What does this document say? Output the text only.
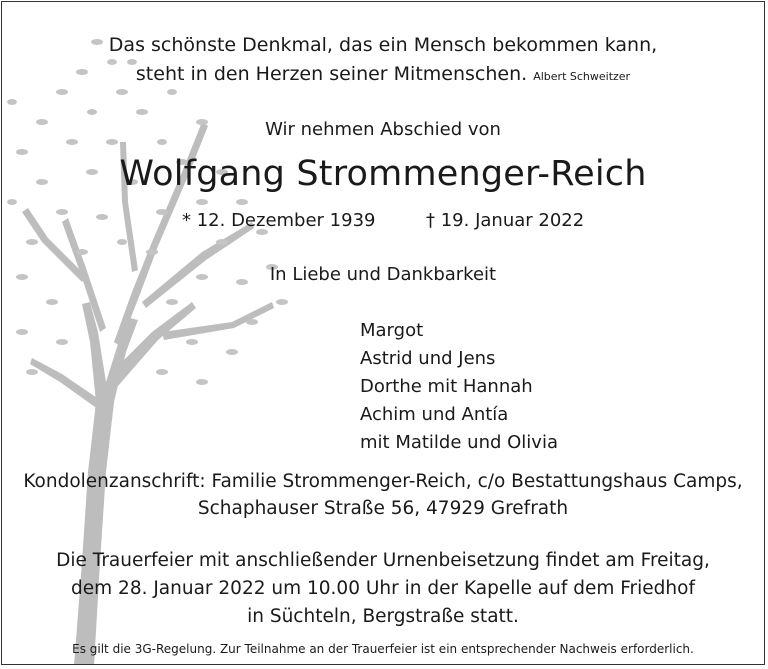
Das schönste Denkmal, das ein Mensch bekommen kann,
steht in den Herzen seiner Mitmenschen. Albert Schweitzer
Wir nehmen Abschied von
Wolfgang Strommenger-Reich
* 12. Dezember 1939	† 19. Januar 2022
In Liebe und Dankbarkeit
Margot
Astrid und Jens
Dorthe mit Hannah
Achim und Antía
mit Matilde und Olivia
Kondolenzanschrift: Familie Strommenger-Reich, c/o Bestattungshaus Camps,
Schaphauser Straße 56, 47929 Grefrath
Die Trauerfeier mit anschließender Urnenbeisetzung findet am Freitag,
dem 28. Januar 2022 um 10.00 Uhr in der Kapelle auf dem Friedhof
in Süchteln, Bergstraße statt.
Es gilt die 3G-Regelung. Zur Teilnahme an der Trauerfeier ist ein entsprechender Nachweis erforderlich.
